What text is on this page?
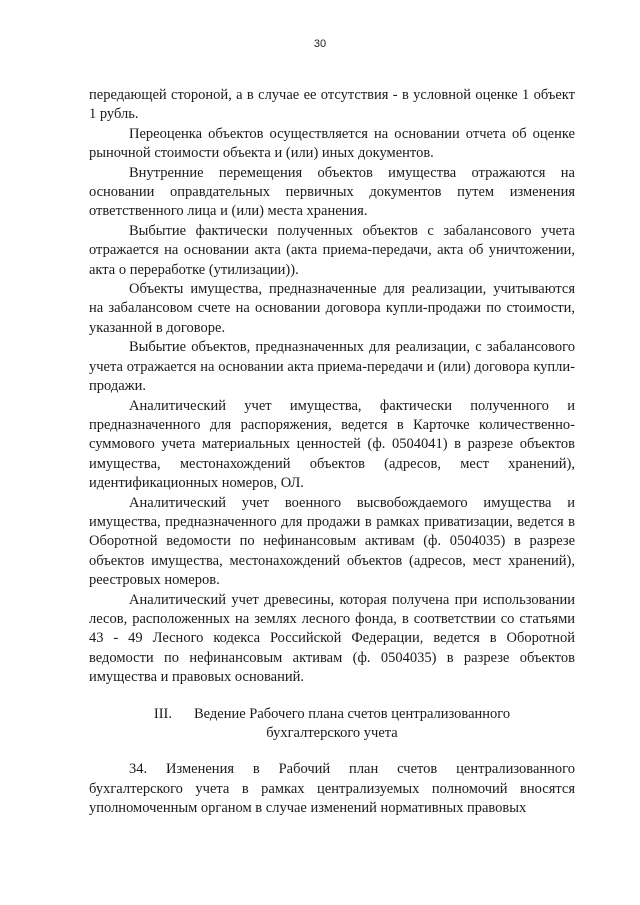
30

передающей стороной, а в случае ее отсутствия - в условной оценке 1 объект 1 рубль.

Переоценка объектов осуществляется на основании отчета об оценке рыночной стоимости объекта и (или) иных документов.

Внутренние перемещения объектов имущества отражаются на основании оправдательных первичных документов путем изменения ответственного лица и (или) места хранения.

Выбытие фактически полученных объектов с забалансового учета отражается на основании акта (акта приема-передачи, акта об уничтожении, акта о переработке (утилизации)).

Объекты имущества, предназначенные для реализации, учитываются на забалансовом счете на основании договора купли-продажи по стоимости, указанной в договоре.

Выбытие объектов, предназначенных для реализации, с забалансового учета отражается на основании акта приема-передачи и (или) договора купли-продажи.

Аналитический учет имущества, фактически полученного и предназначенного для распоряжения, ведется в Карточке количественно-суммового учета материальных ценностей (ф. 0504041) в разрезе объектов имущества, местонахождений объектов (адресов, мест хранений), идентификационных номеров, ОЛ.

Аналитический учет военного высвобождаемого имущества и имущества, предназначенного для продажи в рамках приватизации, ведется в Оборотной ведомости по нефинансовым активам (ф. 0504035) в разрезе объектов имущества, местонахождений объектов (адресов, мест хранений), реестровых номеров.

Аналитический учет древесины, которая получена при использовании лесов, расположенных на землях лесного фонда, в соответствии со статьями 43 - 49 Лесного кодекса Российской Федерации, ведется в Оборотной ведомости по нефинансовым активам (ф. 0504035) в разрезе объектов имущества и правовых оснований.

III. Ведение Рабочего плана счетов централизованного
бухгалтерского учета

34. Изменения в Рабочий план счетов централизованного бухгалтерского учета в рамках централизуемых полномочий вносятся уполномоченным органом в случае изменений нормативных правовых
